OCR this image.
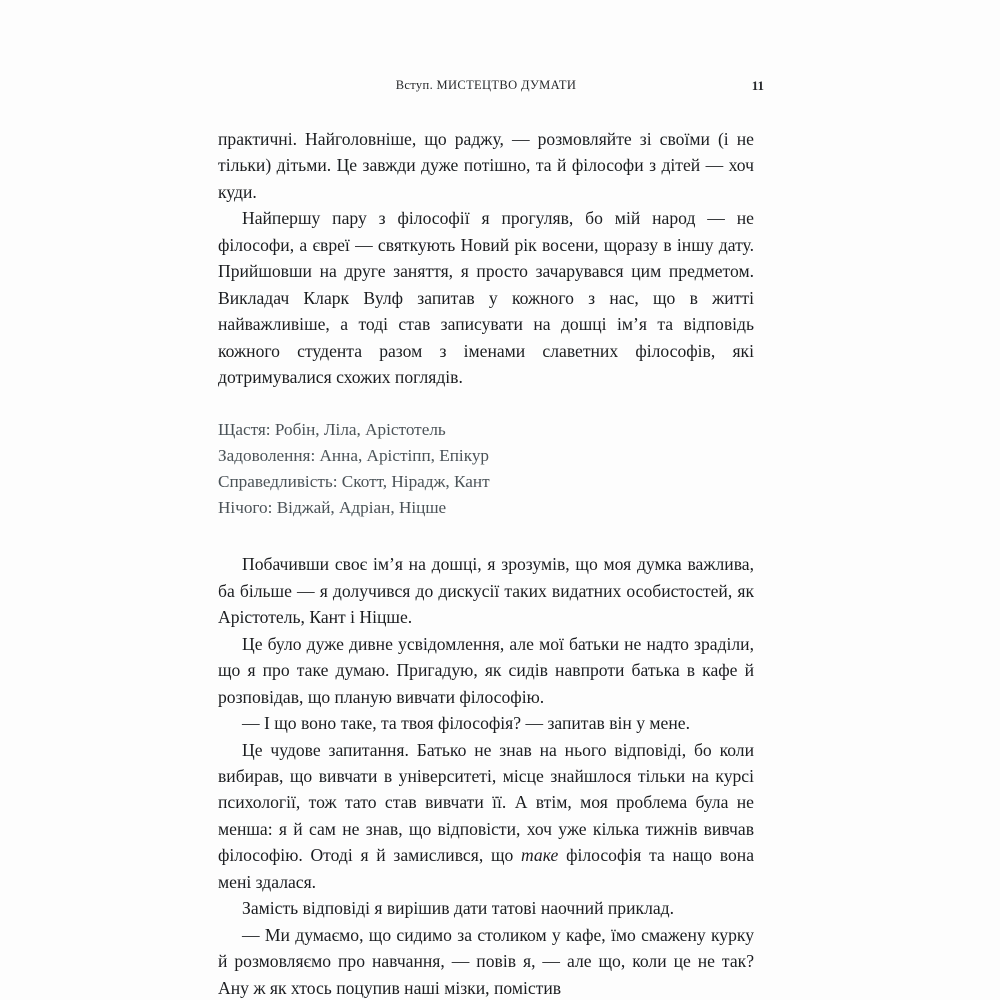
Вступ. МИСТЕЦТВО ДУМАТИ	11

практичні. Найголовніше, що раджу, — розмовляйте зі своїми (і не тільки) дітьми. Це завжди дуже потішно, та й філософи з дітей — хоч куди.

Найпершу пару з філософії я прогуляв, бо мій народ — не філософи, а євреї — святкують Новий рік восени, щоразу в іншу дату. Прийшовши на друге заняття, я просто зачарувався цим предметом. Викладач Кларк Вулф запитав у кожного з нас, що в житті найважливіше, а тоді став записувати на дошці ім’я та відповідь кожного студента разом з іменами славетних філософів, які дотримувалися схожих поглядів.

Щастя: Робін, Ліла, Арістотель
Задоволення: Анна, Арістіпп, Епікур
Справедливість: Скотт, Нірадж, Кант
Нічого: Віджай, Адріан, Ніцше

Побачивши своє ім’я на дошці, я зрозумів, що моя думка важлива, ба більше — я долучився до дискусії таких видатних особистостей, як Арістотель, Кант і Ніцше.

Це було дуже дивне усвідомлення, але мої батьки не надто зраділи, що я про таке думаю. Пригадую, як сидів навпроти батька в кафе й розповідав, що планую вивчати філософію.

— І що воно таке, та твоя філософія? — запитав він у мене.

Це чудове запитання. Батько не знав на нього відповіді, бо коли вибирав, що вивчати в університеті, місце знайшлося тільки на курсі психології, тож тато став вивчати її. А втім, моя проблема була не менша: я й сам не знав, що відповісти, хоч уже кілька тижнів вивчав філософію. Отоді я й замислився, що таке філософія та нащо вона мені здалася.

Замість відповіді я вирішив дати татові наочний приклад.

— Ми думаємо, що сидимо за столиком у кафе, їмо смажену курку й розмовляємо про навчання, — повів я, — але що, коли це не так? Ану ж як хтось поцупив наші мізки, помістив
